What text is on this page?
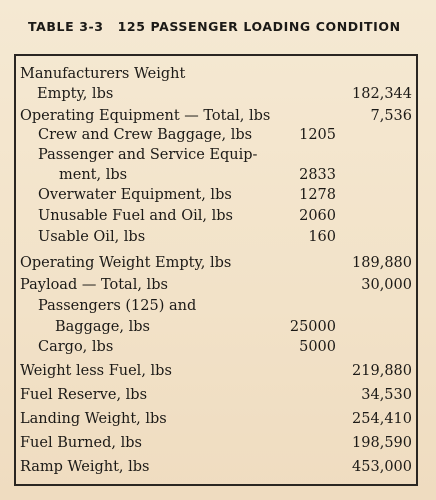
TABLE 3-3 125 PASSENGER LOADING CONDITION
Manufacturers Weight
Empty, lbs	182,344
Operating Equipment — Total, lbs	7,536
Crew and Crew Baggage, lbs	1205
Passenger and Service Equip-
ment, lbs	2833
Overwater Equipment, lbs	1278
Unusable Fuel and Oil, lbs	2060
Usable Oil, lbs	160
Operating Weight Empty, lbs	189,880
Payload — Total, lbs	30,000
Passengers (125) and
Baggage, lbs	25000
Cargo, lbs	5000
Weight less Fuel, lbs	219,880
Fuel Reserve, lbs	34,530
Landing Weight, lbs	254,410
Fuel Burned, lbs	198,590
Ramp Weight, lbs	453,000
